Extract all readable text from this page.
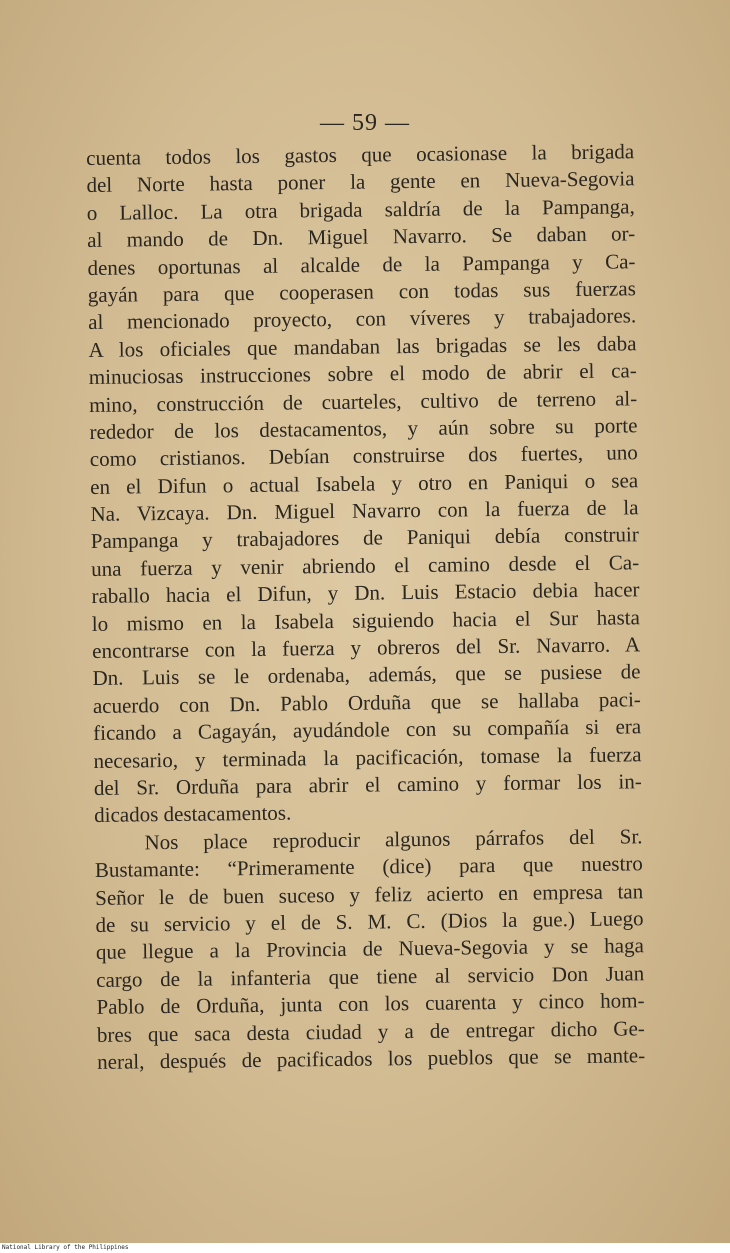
— 59 —
cuenta todos los gastos que ocasionase la brigada
del Norte hasta poner la gente en Nueva-Segovia
o Lalloc. La otra brigada saldría de la Pampanga,
al mando de Dn. Miguel Navarro. Se daban or-
denes oportunas al alcalde de la Pampanga y Ca-
gayán para que cooperasen con todas sus fuerzas
al mencionado proyecto, con víveres y trabajadores.
A los oficiales que mandaban las brigadas se les daba
minuciosas instrucciones sobre el modo de abrir el ca-
mino, construcción de cuarteles, cultivo de terreno al-
rededor de los destacamentos, y aún sobre su porte
como cristianos. Debían construirse dos fuertes, uno
en el Difun o actual Isabela y otro en Paniqui o sea
Na. Vizcaya. Dn. Miguel Navarro con la fuerza de la
Pampanga y trabajadores de Paniqui debía construir
una fuerza y venir abriendo el camino desde el Ca-
raballo hacia el Difun, y Dn. Luis Estacio debia hacer
lo mismo en la Isabela siguiendo hacia el Sur hasta
encontrarse con la fuerza y obreros del Sr. Navarro. A
Dn. Luis se le ordenaba, además, que se pusiese de
acuerdo con Dn. Pablo Orduña que se hallaba paci-
ficando a Cagayán, ayudándole con su compañía si era
necesario, y terminada la pacificación, tomase la fuerza
del Sr. Orduña para abrir el camino y formar los in-
dicados destacamentos.
Nos place reproducir algunos párrafos del Sr.
Bustamante: “Primeramente (dice) para que nuestro
Señor le de buen suceso y feliz acierto en empresa tan
de su servicio y el de S. M. C. (Dios la gue.) Luego
que llegue a la Provincia de Nueva-Segovia y se haga
cargo de la infanteria que tiene al servicio Don Juan
Pablo de Orduña, junta con los cuarenta y cinco hom-
bres que saca desta ciudad y a de entregar dicho Ge-
neral, después de pacificados los pueblos que se mante-
National Library of the Philippines
